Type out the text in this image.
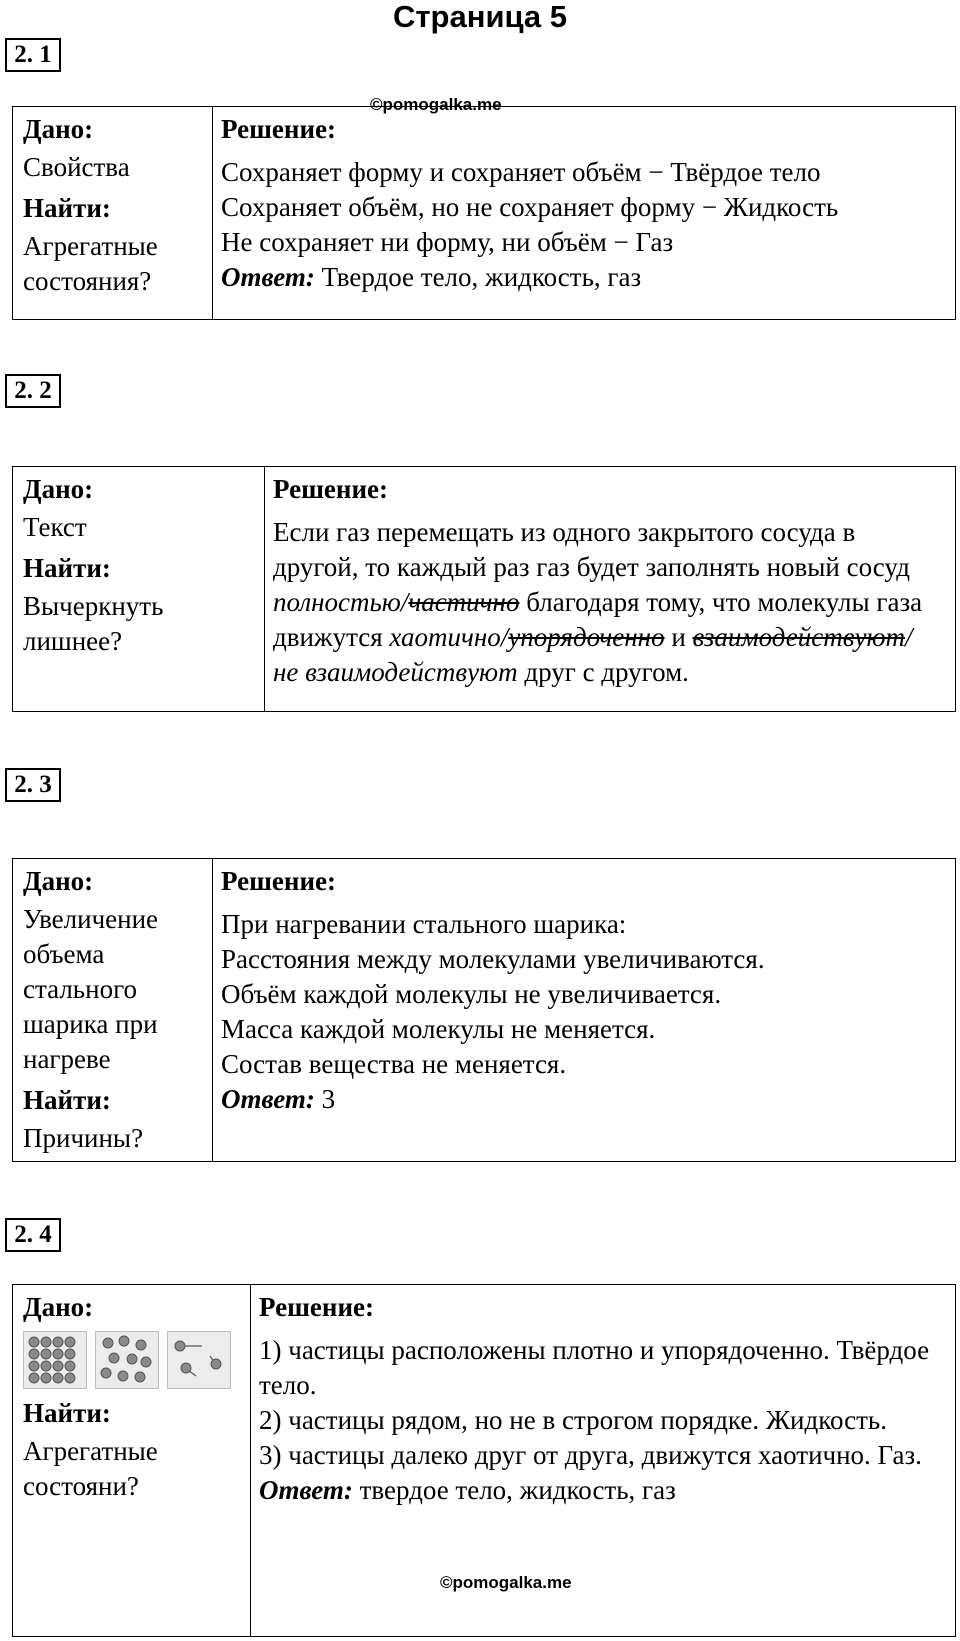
Страница 5
2. 1
©pomogalka.me
Дано:
Свойства
Найти:
Агрегатные состояния?
Решение:
Сохраняет форму и сохраняет объём − Твёрдое тело
Сохраняет объём, но не сохраняет форму − Жидкость
Не сохраняет ни форму, ни объём − Газ
Ответ: Твердое тело, жидкость, газ
2. 2
Дано:
Текст
Найти:
Вычеркнуть лишнее?
Решение:
Если газ перемещать из одного закрытого сосуда в другой, то каждый раз газ будет заполнять новый сосуд полностью/частично благодаря тому, что молекулы газа движутся хаотично/упорядоченно и взаимодействуют/не взаимодействуют друг с другом.
2. 3
Дано:
Увеличение объема стального шарика при нагреве
Найти:
Причины?
Решение:
При нагревании стального шарика:
Расстояния между молекулами увеличиваются.
Объём каждой молекулы не увеличивается.
Масса каждой молекулы не меняется.
Состав вещества не меняется.
Ответ: 3
2. 4
Дано:
Найти:
Агрегатные состояни?
Решение:
1) частицы расположены плотно и упорядоченно. Твёрдое тело.
2) частицы рядом, но не в строгом порядке. Жидкость.
3) частицы далеко друг от друга, движутся хаотично. Газ.
Ответ: твердое тело, жидкость, газ
©pomogalka.me
